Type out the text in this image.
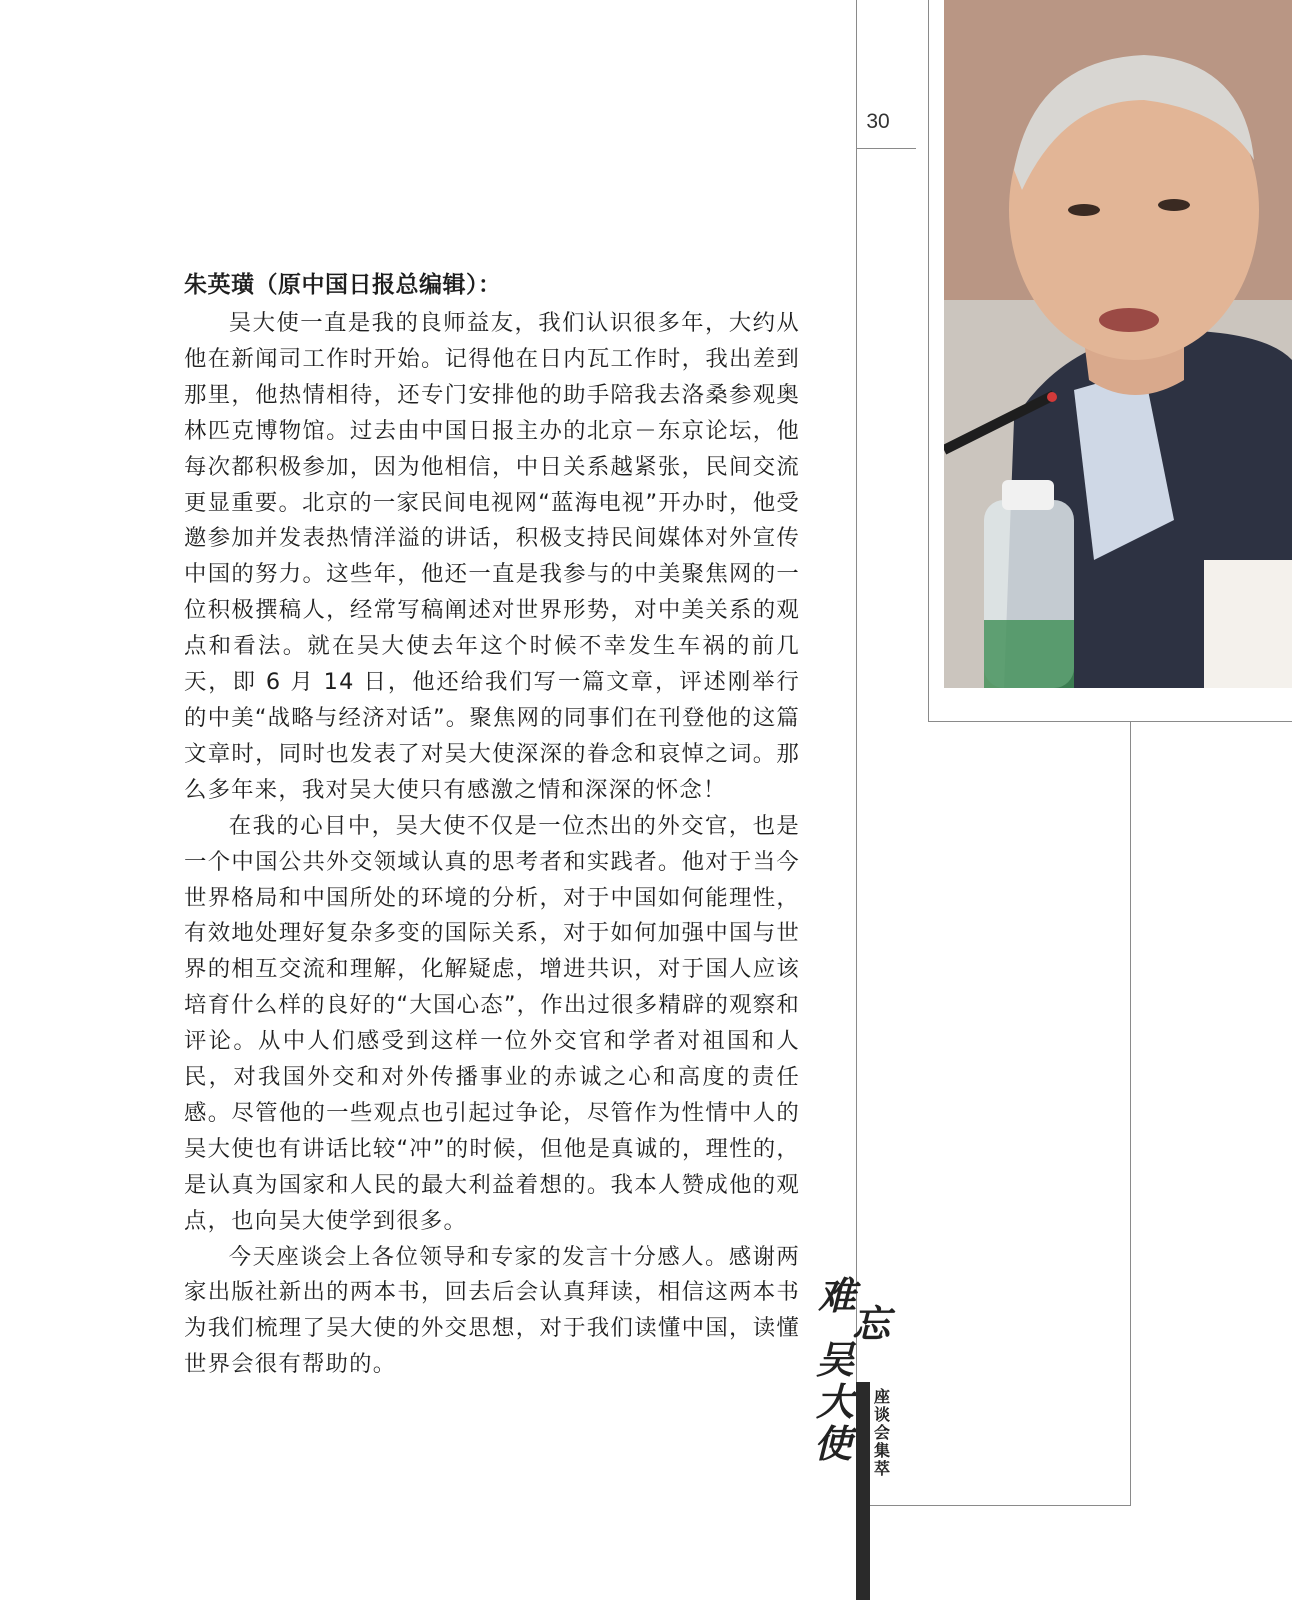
30
朱英璜（原中国日报总编辑）：

吴大使一直是我的良师益友，我们认识很多年，大约从他在新闻司工作时开始。记得他在日内瓦工作时，我出差到那里，他热情相待，还专门安排他的助手陪我去洛桑参观奥林匹克博物馆。过去由中国日报主办的北京－东京论坛，他每次都积极参加，因为他相信，中日关系越紧张，民间交流更显重要。北京的一家民间电视网“蓝海电视”开办时，他受邀参加并发表热情洋溢的讲话，积极支持民间媒体对外宣传中国的努力。这些年，他还一直是我参与的中美聚焦网的一位积极撰稿人，经常写稿阐述对世界形势，对中美关系的观点和看法。就在吴大使去年这个时候不幸发生车祸的前几天，即 6 月 14 日，他还给我们写一篇文章，评述刚举行的中美“战略与经济对话”。聚焦网的同事们在刊登他的这篇文章时，同时也发表了对吴大使深深的眷念和哀悼之词。那么多年来，我对吴大使只有感激之情和深深的怀念！

在我的心目中，吴大使不仅是一位杰出的外交官，也是一个中国公共外交领域认真的思考者和实践者。他对于当今世界格局和中国所处的环境的分析，对于中国如何能理性，有效地处理好复杂多变的国际关系，对于如何加强中国与世界的相互交流和理解，化解疑虑，增进共识，对于国人应该培育什么样的良好的“大国心态”，作出过很多精辟的观察和评论。从中人们感受到这样一位外交官和学者对祖国和人民，对我国外交和对外传播事业的赤诚之心和高度的责任感。尽管他的一些观点也引起过争论，尽管作为性情中人的吴大使也有讲话比较“冲”的时候，但他是真诚的，理性的，是认真为国家和人民的最大利益着想的。我本人赞成他的观点，也向吴大使学到很多。

今天座谈会上各位领导和专家的发言十分感人。感谢两家出版社新出的两本书，回去后会认真拜读，相信这两本书为我们梳理了吴大使的外交思想，对于我们读懂中国，读懂世界会很有帮助的。

难
忘
吴
大
使
座
谈
会
集
萃
